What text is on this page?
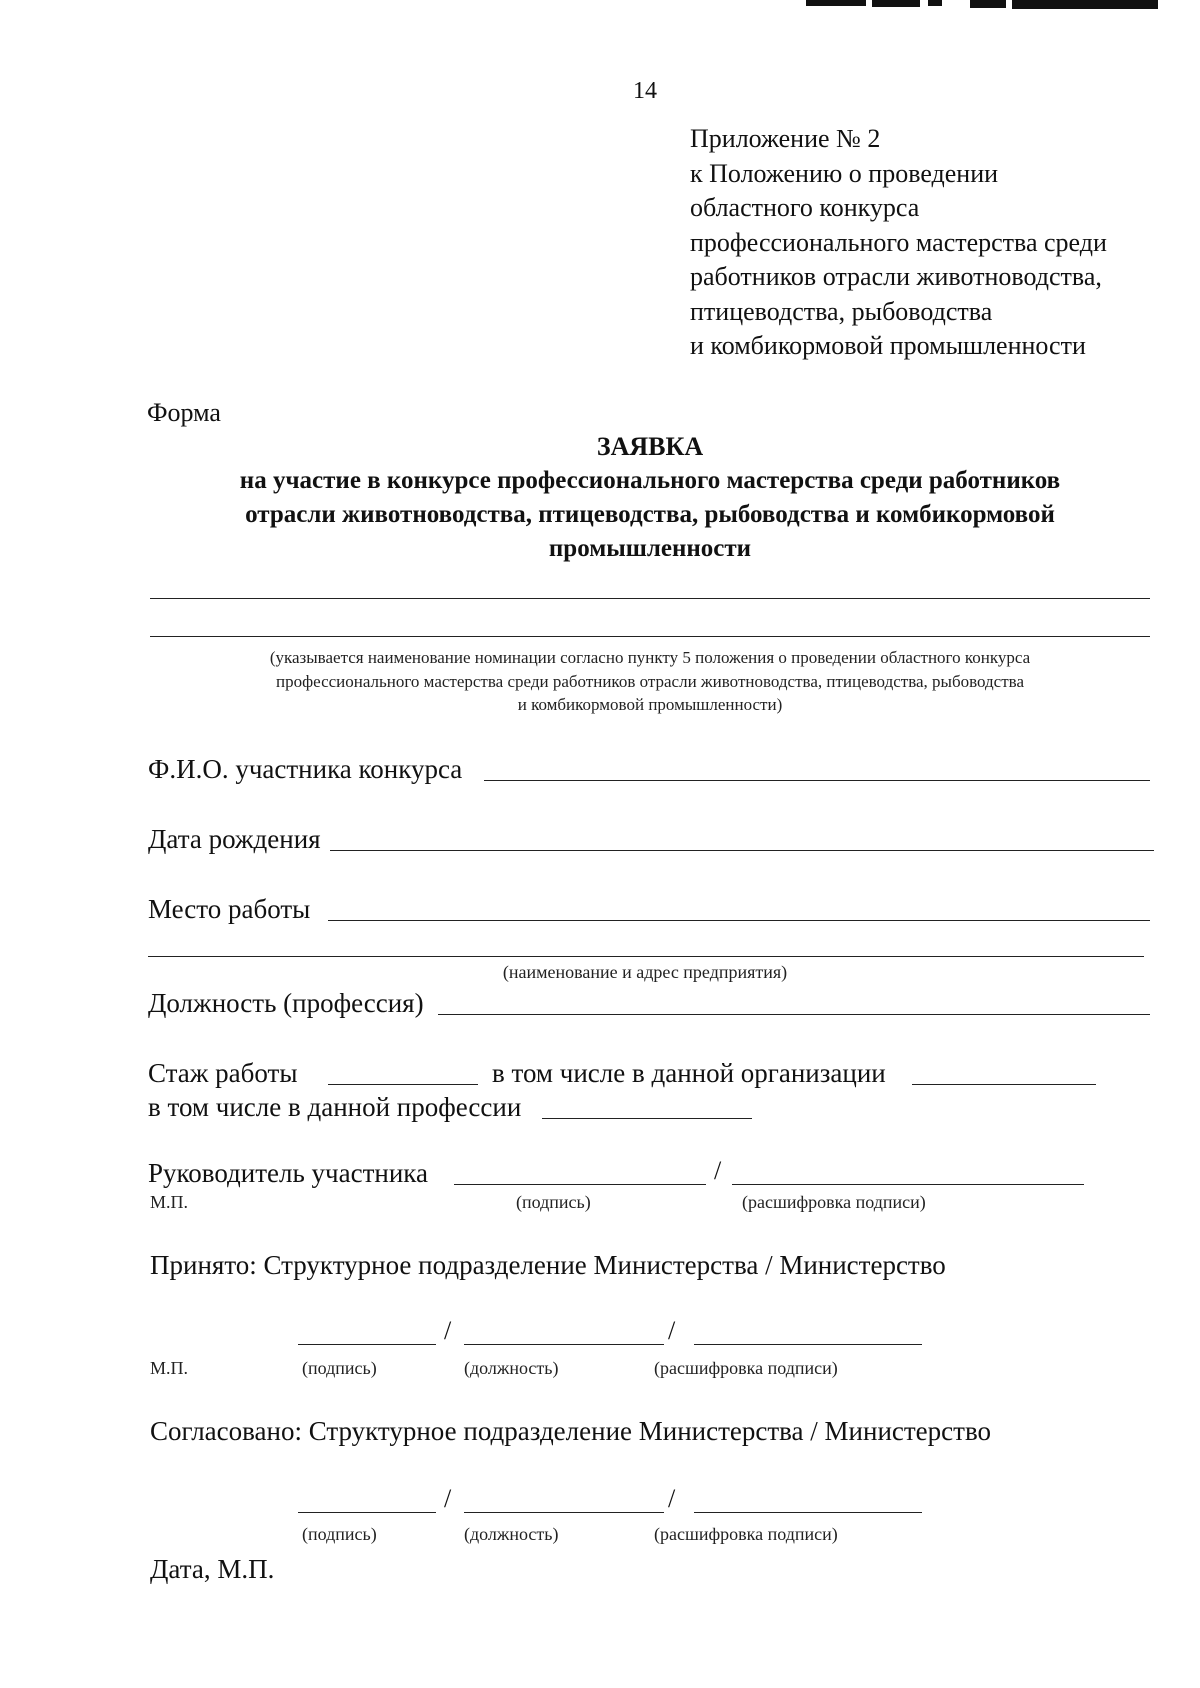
14
Приложение № 2
к Положению о проведении
областного конкурса
профессионального мастерства среди
работников отрасли животноводства,
птицеводства, рыбоводства
и комбикормовой промышленности
Форма
ЗАЯВКА
на участие в конкурсе профессионального мастерства среди работников
отрасли животноводства, птицеводства, рыбоводства и комбикормовой
промышленности
(указывается наименование номинации согласно пункту 5 положения о проведении областного конкурса
профессионального мастерства среди работников отрасли животноводства, птицеводства, рыбоводства
и комбикормовой промышленности)
Ф.И.О. участника конкурса
Дата рождения
Место работы
(наименование и адрес предприятия)
Должность (профессия)
Стаж работы	в том числе в данной организации
в том числе в данной профессии
Руководитель участника	/
М.П.	(подпись)	(расшифровка подписи)
Принято: Структурное подразделение Министерства / Министерство
/	/
М.П.	(подпись)	(должность)	(расшифровка подписи)
Согласовано: Структурное подразделение Министерства / Министерство
/	/
(подпись)	(должность)	(расшифровка подписи)
Дата, М.П.
